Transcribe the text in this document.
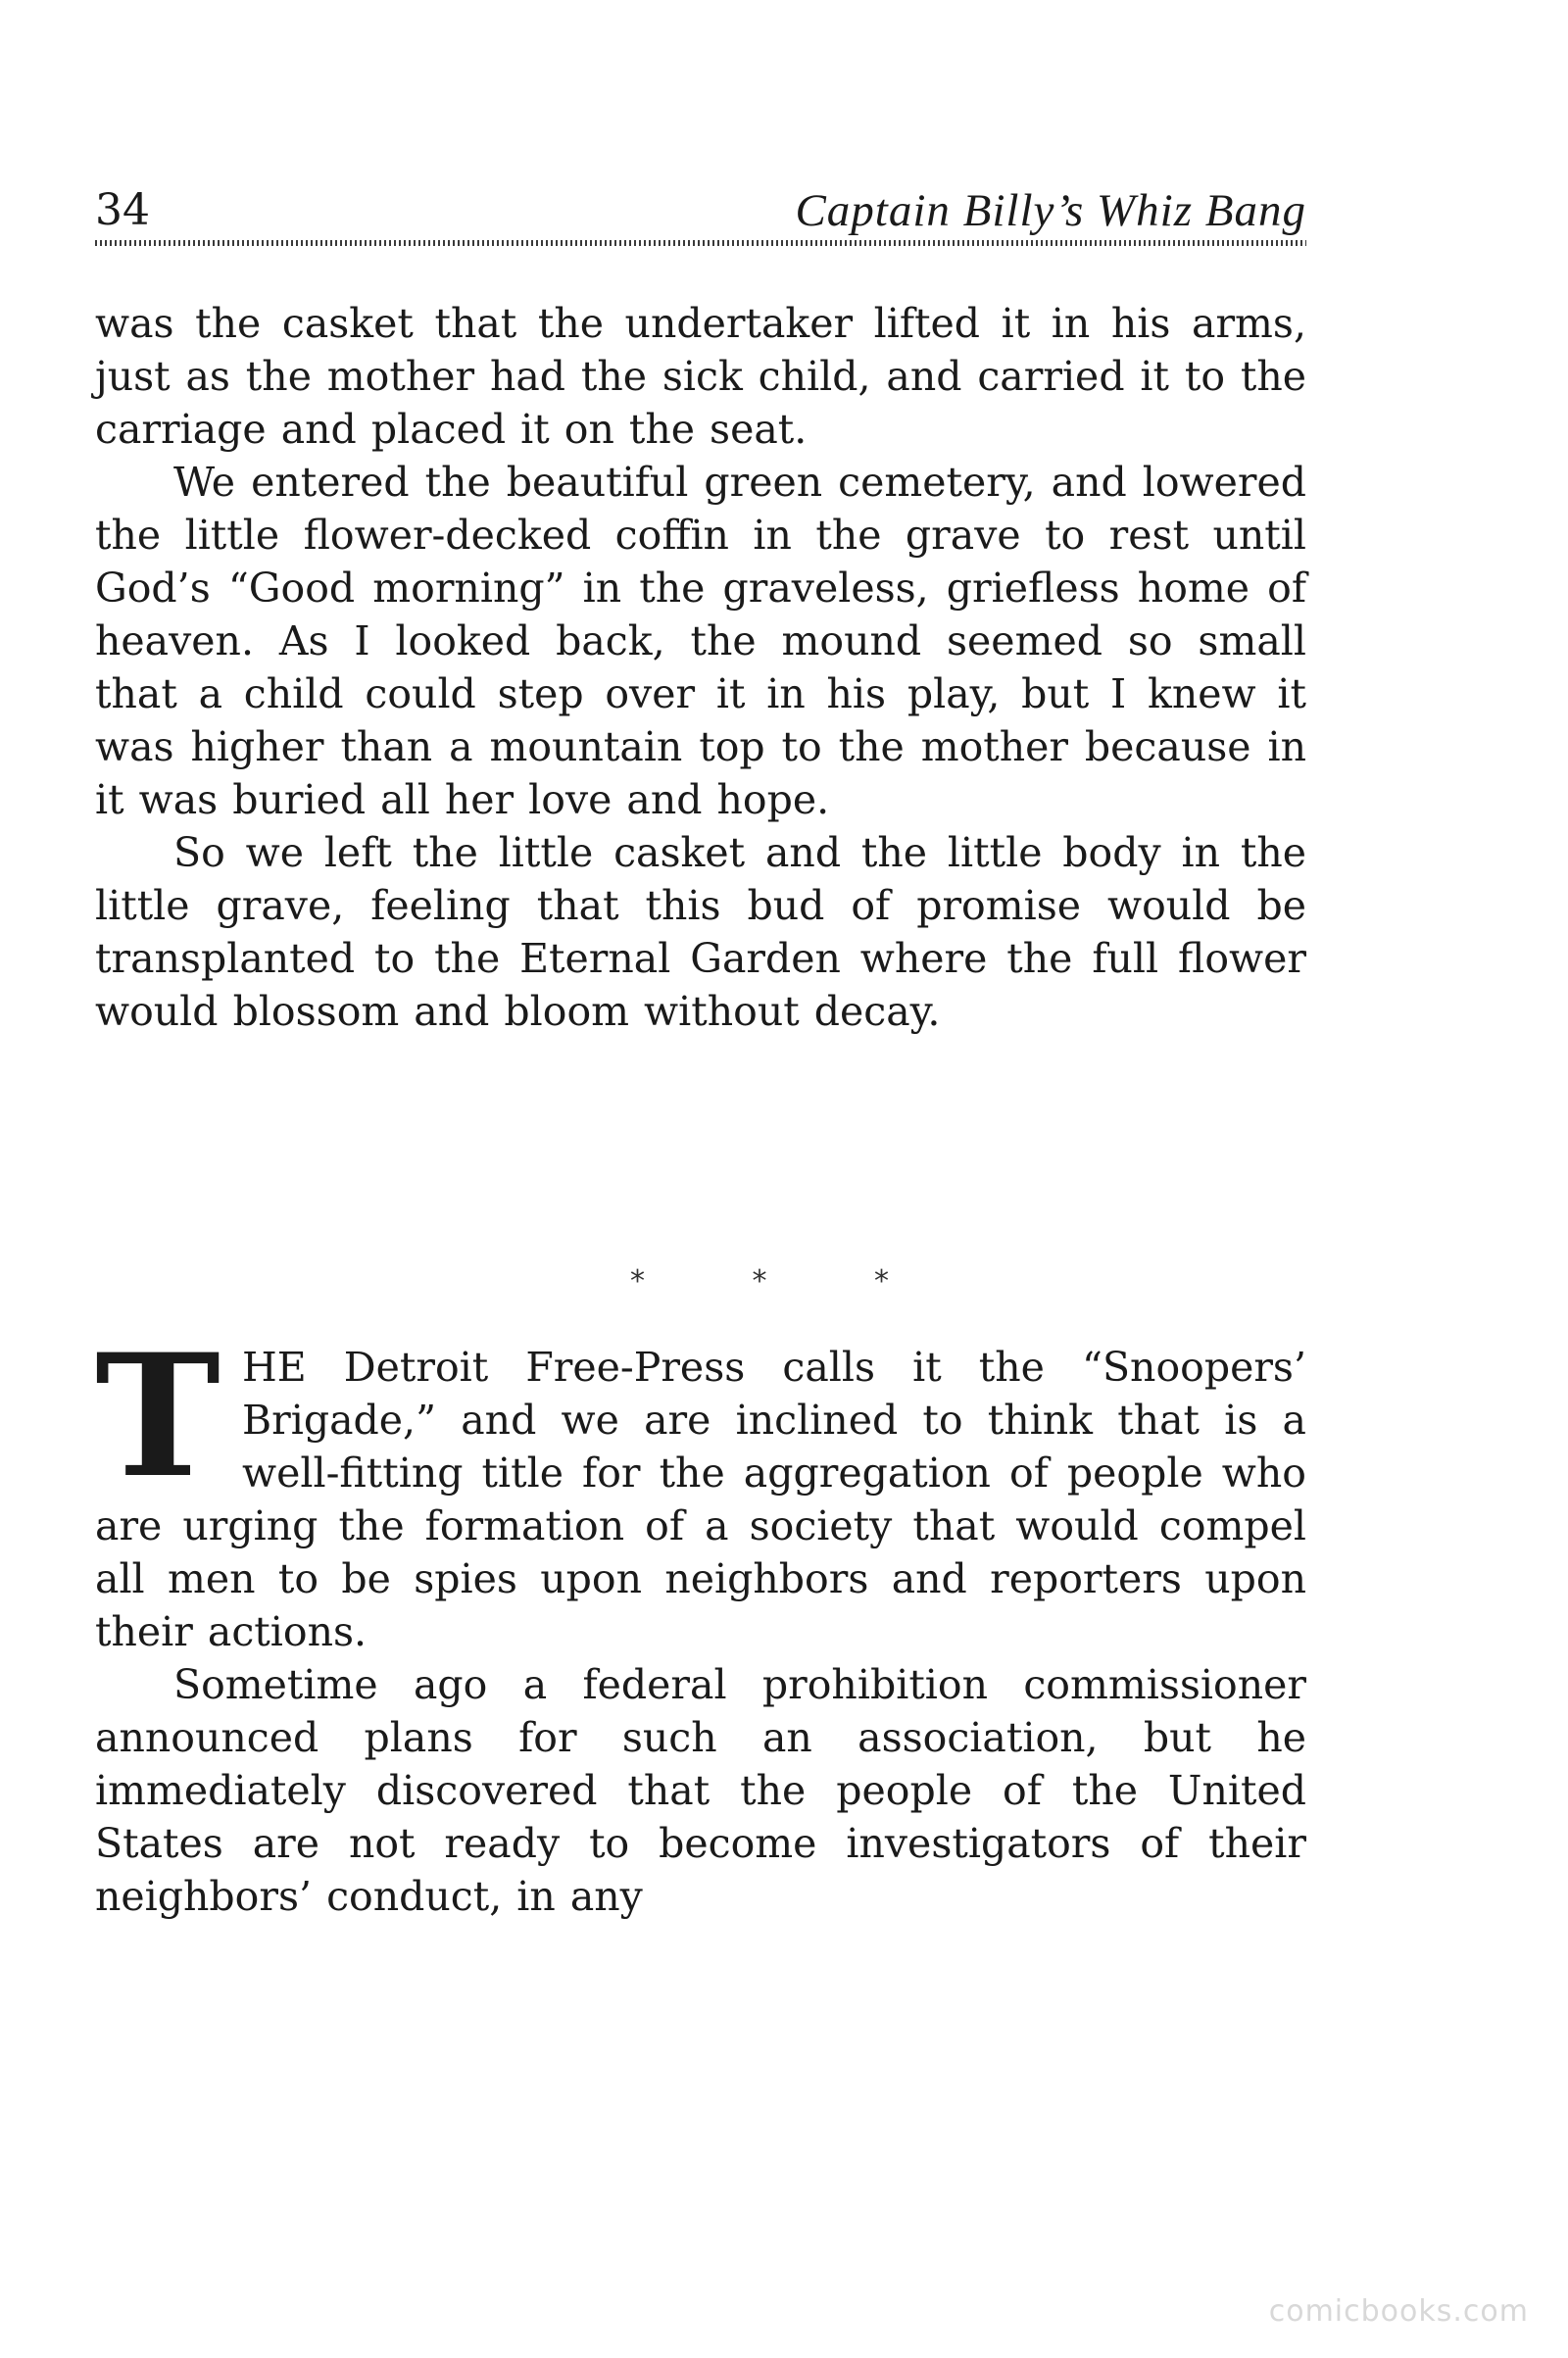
34	Captain Billy’s Whiz Bang

was the casket that the undertaker lifted it in his arms, just as the mother had the sick child, and carried it to the carriage and placed it on the seat.

We entered the beautiful green cemetery, and lowered the little flower-decked coffin in the grave to rest until God’s “Good morning” in the graveless, griefless home of heaven. As I looked back, the mound seemed so small that a child could step over it in his play, but I knew it was higher than a mountain top to the mother because in it was buried all her love and hope.

So we left the little casket and the little body in the little grave, feeling that this bud of promise would be transplanted to the Eternal Garden where the full flower would blossom and bloom without decay.

* * *

THE Detroit Free-Press calls it the “Snoopers’ Brigade,” and we are inclined to think that is a well-fitting title for the aggregation of people who are urging the formation of a society that would compel all men to be spies upon neighbors and reporters upon their actions.

Sometime ago a federal prohibition commissioner announced plans for such an association, but he immediately discovered that the people of the United States are not ready to become investigators of their neighbors’ conduct, in any

comicbooks.com
